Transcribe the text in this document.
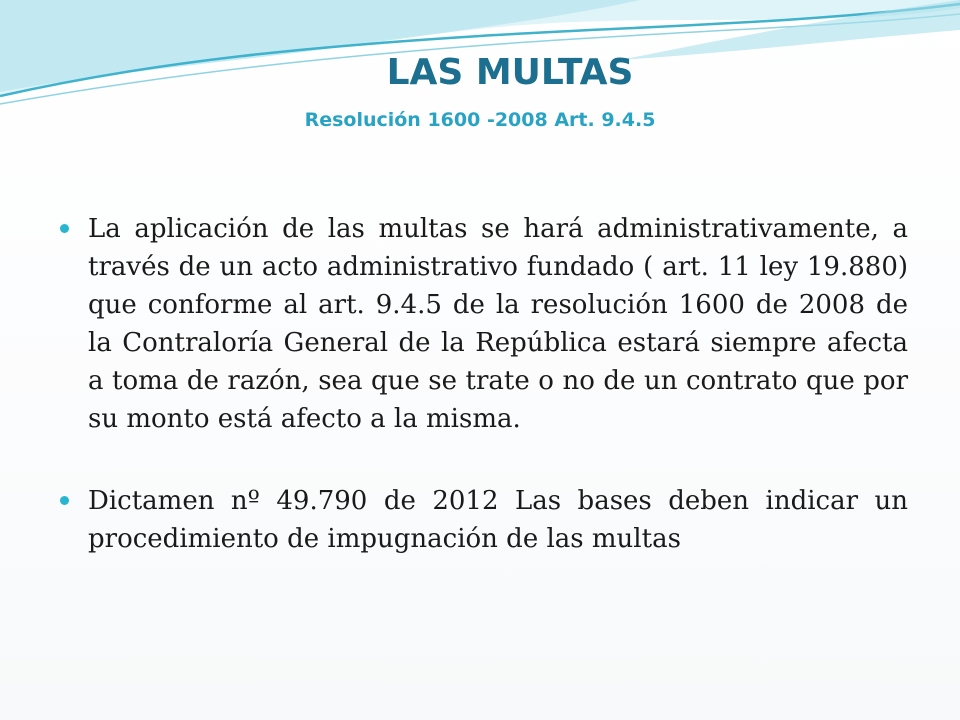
LAS MULTAS
Resolución 1600 -2008 Art. 9.4.5
La aplicación de las multas se hará administrativamente, a través de un acto administrativo fundado ( art. 11 ley 19.880) que conforme al art. 9.4.5 de la resolución 1600 de 2008 de la Contraloría General de la República estará siempre afecta a toma de razón, sea que se trate o no de un contrato que por su monto está afecto a la misma.
Dictamen nº 49.790 de 2012 Las bases deben indicar un procedimiento de impugnación de las multas
